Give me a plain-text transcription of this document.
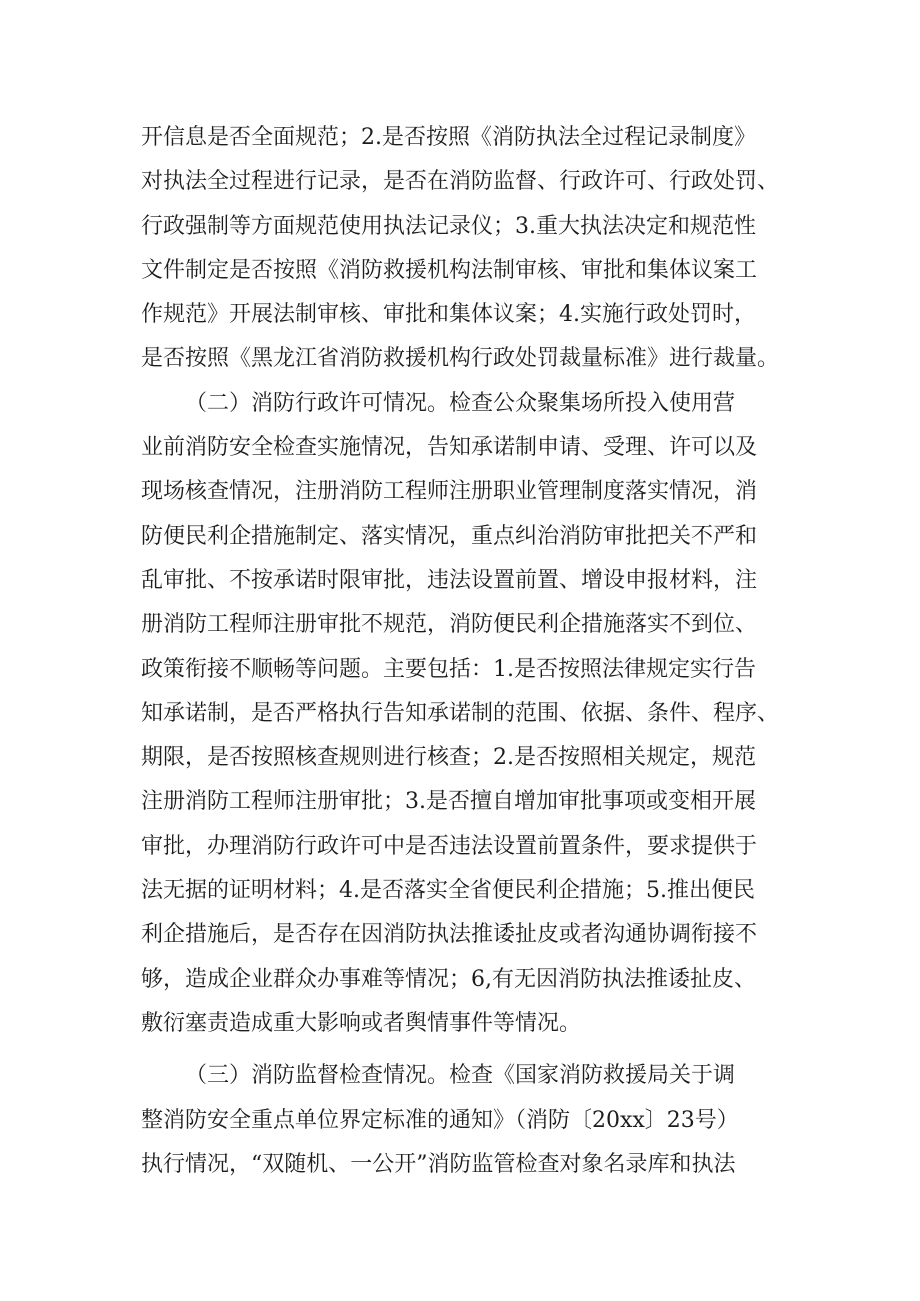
开信息是否全面规范；2.是否按照《消防执法全过程记录制度》
对执法全过程进行记录，是否在消防监督、行政许可、行政处罚、
行政强制等方面规范使用执法记录仪；3.重大执法决定和规范性
文件制定是否按照《消防救援机构法制审核、审批和集体议案工
作规范》开展法制审核、审批和集体议案；4.实施行政处罚时，
是否按照《黑龙江省消防救援机构行政处罚裁量标准》进行裁量。
（二）消防行政许可情况。检查公众聚集场所投入使用营
业前消防安全检查实施情况，告知承诺制申请、受理、许可以及
现场核查情况，注册消防工程师注册职业管理制度落实情况，消
防便民利企措施制定、落实情况，重点纠治消防审批把关不严和
乱审批、不按承诺时限审批，违法设置前置、增设申报材料，注
册消防工程师注册审批不规范，消防便民利企措施落实不到位、
政策衔接不顺畅等问题。主要包括：1.是否按照法律规定实行告
知承诺制，是否严格执行告知承诺制的范围、依据、条件、程序、
期限，是否按照核查规则进行核查；2.是否按照相关规定，规范
注册消防工程师注册审批；3.是否擅自增加审批事项或变相开展
审批，办理消防行政许可中是否违法设置前置条件，要求提供于
法无据的证明材料；4.是否落实全省便民利企措施；5.推出便民
利企措施后，是否存在因消防执法推诿扯皮或者沟通协调衔接不
够，造成企业群众办事难等情况；6,有无因消防执法推诿扯皮、
敷衍塞责造成重大影响或者舆情事件等情况。
（三）消防监督检查情况。检查《国家消防救援局关于调
整消防安全重点单位界定标准的通知》（消防〔20xx〕23号）
执行情况，“双随机、一公开”消防监管检查对象名录库和执法
